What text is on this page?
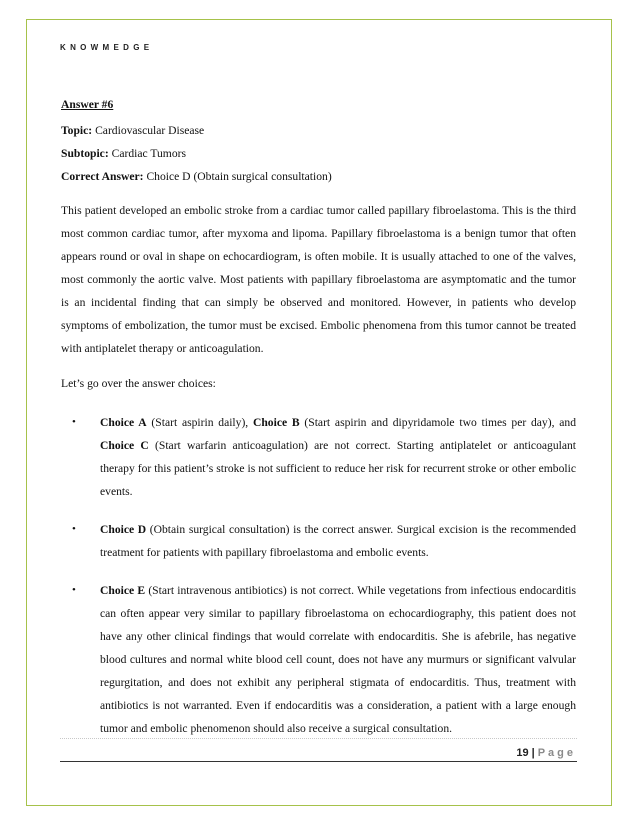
KNOWMEDGE

Answer #6

Topic: Cardiovascular Disease

Subtopic: Cardiac Tumors

Correct Answer: Choice D (Obtain surgical consultation)

This patient developed an embolic stroke from a cardiac tumor called papillary fibroelastoma. This is the third most common cardiac tumor, after myxoma and lipoma. Papillary fibroelastoma is a benign tumor that often appears round or oval in shape on echocardiogram, is often mobile. It is usually attached to one of the valves, most commonly the aortic valve. Most patients with papillary fibroelastoma are asymptomatic and the tumor is an incidental finding that can simply be observed and monitored. However, in patients who develop symptoms of embolization, the tumor must be excised. Embolic phenomena from this tumor cannot be treated with antiplatelet therapy or anticoagulation.

Let’s go over the answer choices:

• Choice A (Start aspirin daily), Choice B (Start aspirin and dipyridamole two times per day), and Choice C (Start warfarin anticoagulation) are not correct. Starting antiplatelet or anticoagulant therapy for this patient’s stroke is not sufficient to reduce her risk for recurrent stroke or other embolic events.
• Choice D (Obtain surgical consultation) is the correct answer. Surgical excision is the recommended treatment for patients with papillary fibroelastoma and embolic events.
• Choice E (Start intravenous antibiotics) is not correct. While vegetations from infectious endocarditis can often appear very similar to papillary fibroelastoma on echocardiography, this patient does not have any other clinical findings that would correlate with endocarditis. She is afebrile, has negative blood cultures and normal white blood cell count, does not have any murmurs or significant valvular regurgitation, and does not exhibit any peripheral stigmata of endocarditis. Thus, treatment with antibiotics is not warranted. Even if endocarditis was a consideration, a patient with a large enough tumor and embolic phenomenon should also receive a surgical consultation.
19 | Page
